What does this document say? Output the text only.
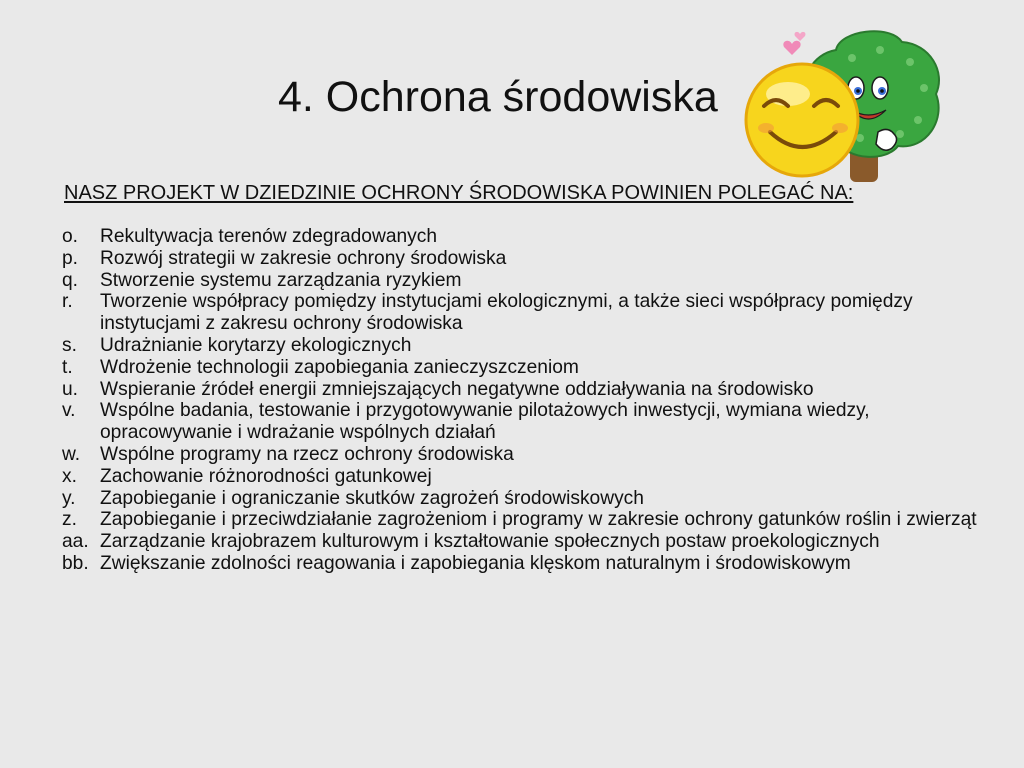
4. Ochrona środowiska
NASZ PROJEKT W DZIEDZINIE OCHRONY ŚRODOWISKA POWINIEN POLEGAĆ NA:
o.	Rekultywacja terenów zdegradowanych
p.	Rozwój strategii w zakresie ochrony środowiska
q.	Stworzenie systemu zarządzania ryzykiem
r.	Tworzenie współpracy pomiędzy instytucjami ekologicznymi, a także sieci współpracy pomiędzy instytucjami z zakresu ochrony środowiska
s.	Udrażnianie korytarzy ekologicznych
t.	Wdrożenie technologii zapobiegania zanieczyszczeniom
u.	Wspieranie źródeł energii zmniejszających negatywne oddziaływania na środowisko
v.	Wspólne badania, testowanie i przygotowywanie pilotażowych inwestycji, wymiana wiedzy, opracowywanie i wdrażanie wspólnych działań
w.	Wspólne programy na rzecz ochrony środowiska
x.	Zachowanie różnorodności gatunkowej
y.	Zapobieganie i ograniczanie skutków zagrożeń środowiskowych
z.	Zapobieganie i przeciwdziałanie zagrożeniom i programy w zakresie ochrony gatunków roślin i zwierząt
aa. Zarządzanie krajobrazem kulturowym i kształtowanie społecznych postaw proekologicznych
bb. Zwiększanie zdolności reagowania i zapobiegania klęskom naturalnym i środowiskowym
